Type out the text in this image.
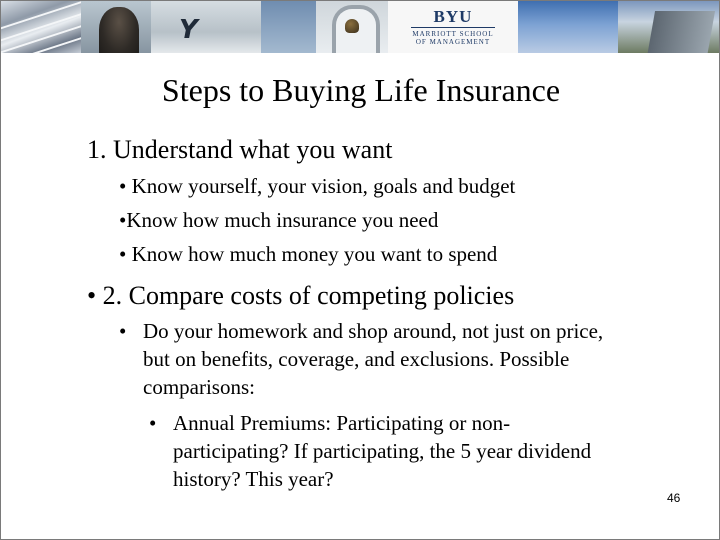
Y	BYU
MARRIOTT SCHOOL
OF MANAGEMENT
Steps to Buying Life Insurance
1. Understand what you want
• Know yourself, your vision, goals and budget
•Know how much insurance you need
• Know how much money you want to spend
• 2. Compare costs of competing policies
• Do your homework and shop around, not just on price, but on benefits, coverage, and exclusions. Possible comparisons:
• Annual Premiums: Participating or non-participating? If participating, the 5 year dividend history? This year?
46
